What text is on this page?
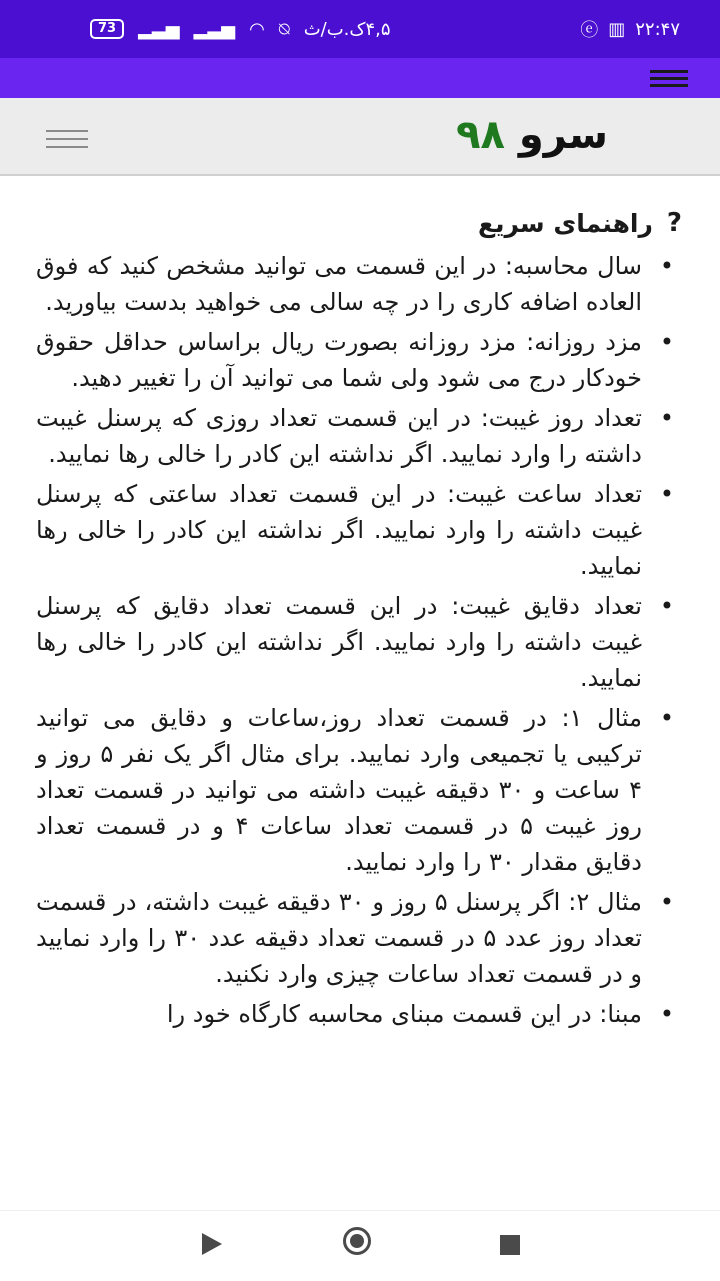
73	▂▃▅ ▂▃▅ ◠ ⍉ ۴,۵ک.ب/ث	ⓔ ▥ ۲۲:۴۷
سرو ۹۸
?
راهنمای سریع
•
سال محاسبه: در این قسمت می توانید مشخص کنید که فوق العاده اضافه کاری را در چه سالی می خواهید بدست بیاورید.
•
مزد روزانه: مزد روزانه بصورت ریال براساس حداقل حقوق خودکار درج می شود ولی شما می توانید آن را تغییر دهید.
•
تعداد روز غیبت: در این قسمت تعداد روزی که پرسنل غیبت داشته را وارد نمایید. اگر نداشته این کادر را خالی رها نمایید.
•
تعداد ساعت غیبت: در این قسمت تعداد ساعتی که پرسنل غیبت داشته را وارد نمایید. اگر نداشته این کادر را خالی رها نمایید.
•
تعداد دقایق غیبت: در این قسمت تعداد دقایق که پرسنل غیبت داشته را وارد نمایید. اگر نداشته این کادر را خالی رها نمایید.
•
مثال ۱: در قسمت تعداد روز،ساعات و دقایق می توانید ترکیبی یا تجمیعی وارد نمایید. برای مثال اگر یک نفر ۵ روز و ۴ ساعت و ۳۰ دقیقه غیبت داشته می توانید در قسمت تعداد روز غیبت ۵ در قسمت تعداد ساعات ۴ و در قسمت تعداد دقایق مقدار ۳۰ را وارد نمایید.
•
مثال ۲: اگر پرسنل ۵ روز و ۳۰ دقیقه غیبت داشته، در قسمت تعداد روز عدد ۵ در قسمت تعداد دقیقه عدد ۳۰ را وارد نمایید و در قسمت تعداد ساعات چیزی وارد نکنید.
•
مبنا: در این قسمت مبنای محاسبه کارگاه خود را
